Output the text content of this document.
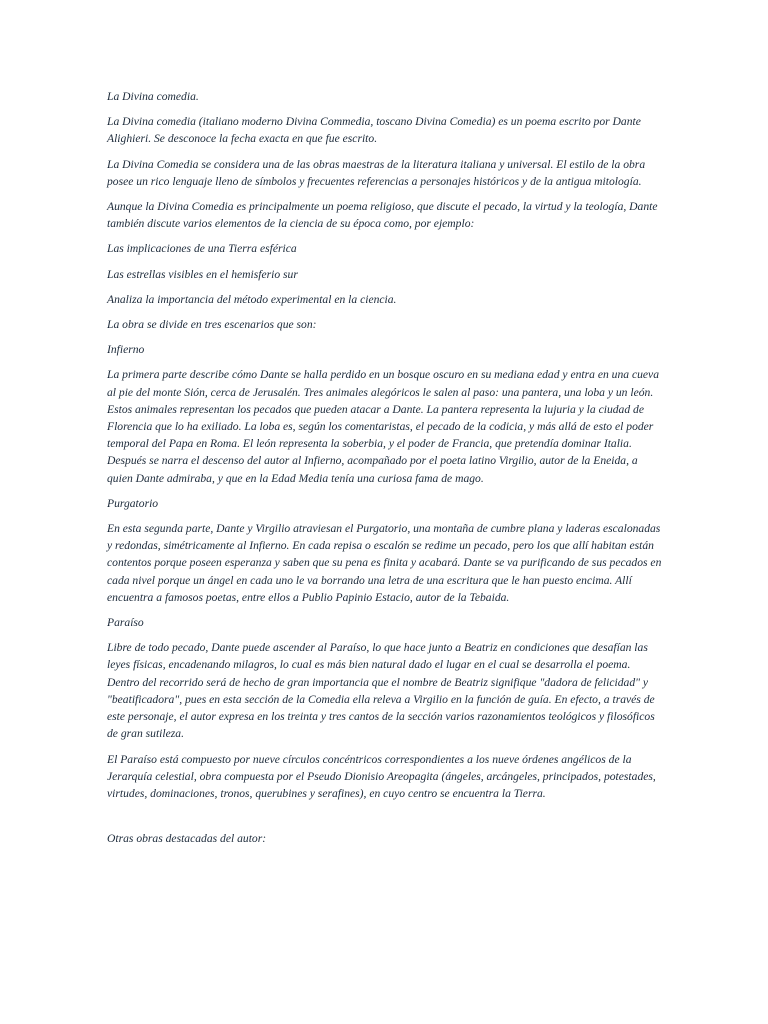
La Divina comedia.

La Divina comedia (italiano moderno Divina Commedia, toscano Divina Comedia) es un poema escrito por Dante Alighieri. Se desconoce la fecha exacta en que fue escrito.

La Divina Comedia se considera una de las obras maestras de la literatura italiana y universal. El estilo de la obra posee un rico lenguaje lleno de símbolos y frecuentes referencias a personajes históricos y de la antigua mitología.

Aunque la Divina Comedia es principalmente un poema religioso, que discute el pecado, la virtud y la teología, Dante también discute varios elementos de la ciencia de su época como, por ejemplo:

Las implicaciones de una Tierra esférica

Las estrellas visibles en el hemisferio sur

Analiza la importancia del método experimental en la ciencia.

La obra se divide en tres escenarios que son:

Infierno

La primera parte describe cómo Dante se halla perdido en un bosque oscuro en su mediana edad y entra en una cueva al pie del monte Sión, cerca de Jerusalén. Tres animales alegóricos le salen al paso: una pantera, una loba y un león. Estos animales representan los pecados que pueden atacar a Dante. La pantera representa la lujuria y la ciudad de Florencia que lo ha exiliado. La loba es, según los comentaristas, el pecado de la codicia, y más allá de esto el poder temporal del Papa en Roma. El león representa la soberbia, y el poder de Francia, que pretendía dominar Italia. Después se narra el descenso del autor al Infierno, acompañado por el poeta latino Virgilio, autor de la Eneida, a quien Dante admiraba, y que en la Edad Media tenía una curiosa fama de mago.

Purgatorio

En esta segunda parte, Dante y Virgilio atraviesan el Purgatorio, una montaña de cumbre plana y laderas escalonadas y redondas, simétricamente al Infierno. En cada repisa o escalón se redime un pecado, pero los que allí habitan están contentos porque poseen esperanza y saben que su pena es finita y acabará. Dante se va purificando de sus pecados en cada nivel porque un ángel en cada uno le va borrando una letra de una escritura que le han puesto encima. Allí encuentra a famosos poetas, entre ellos a Publio Papinio Estacio, autor de la Tebaida.

Paraíso

Libre de todo pecado, Dante puede ascender al Paraíso, lo que hace junto a Beatriz en condiciones que desafían las leyes físicas, encadenando milagros, lo cual es más bien natural dado el lugar en el cual se desarrolla el poema. Dentro del recorrido será de hecho de gran importancia que el nombre de Beatriz signifique "dadora de felicidad" y "beatificadora", pues en esta sección de la Comedia ella releva a Virgilio en la función de guía. En efecto, a través de este personaje, el autor expresa en los treinta y tres cantos de la sección varios razonamientos teológicos y filosóficos de gran sutileza.

El Paraíso está compuesto por nueve círculos concéntricos correspondientes a los nueve órdenes angélicos de la Jerarquía celestial, obra compuesta por el Pseudo Dionisio Areopagita (ángeles, arcángeles, principados, potestades, virtudes, dominaciones, tronos, querubines y serafines), en cuyo centro se encuentra la Tierra.

Otras obras destacadas del autor:
